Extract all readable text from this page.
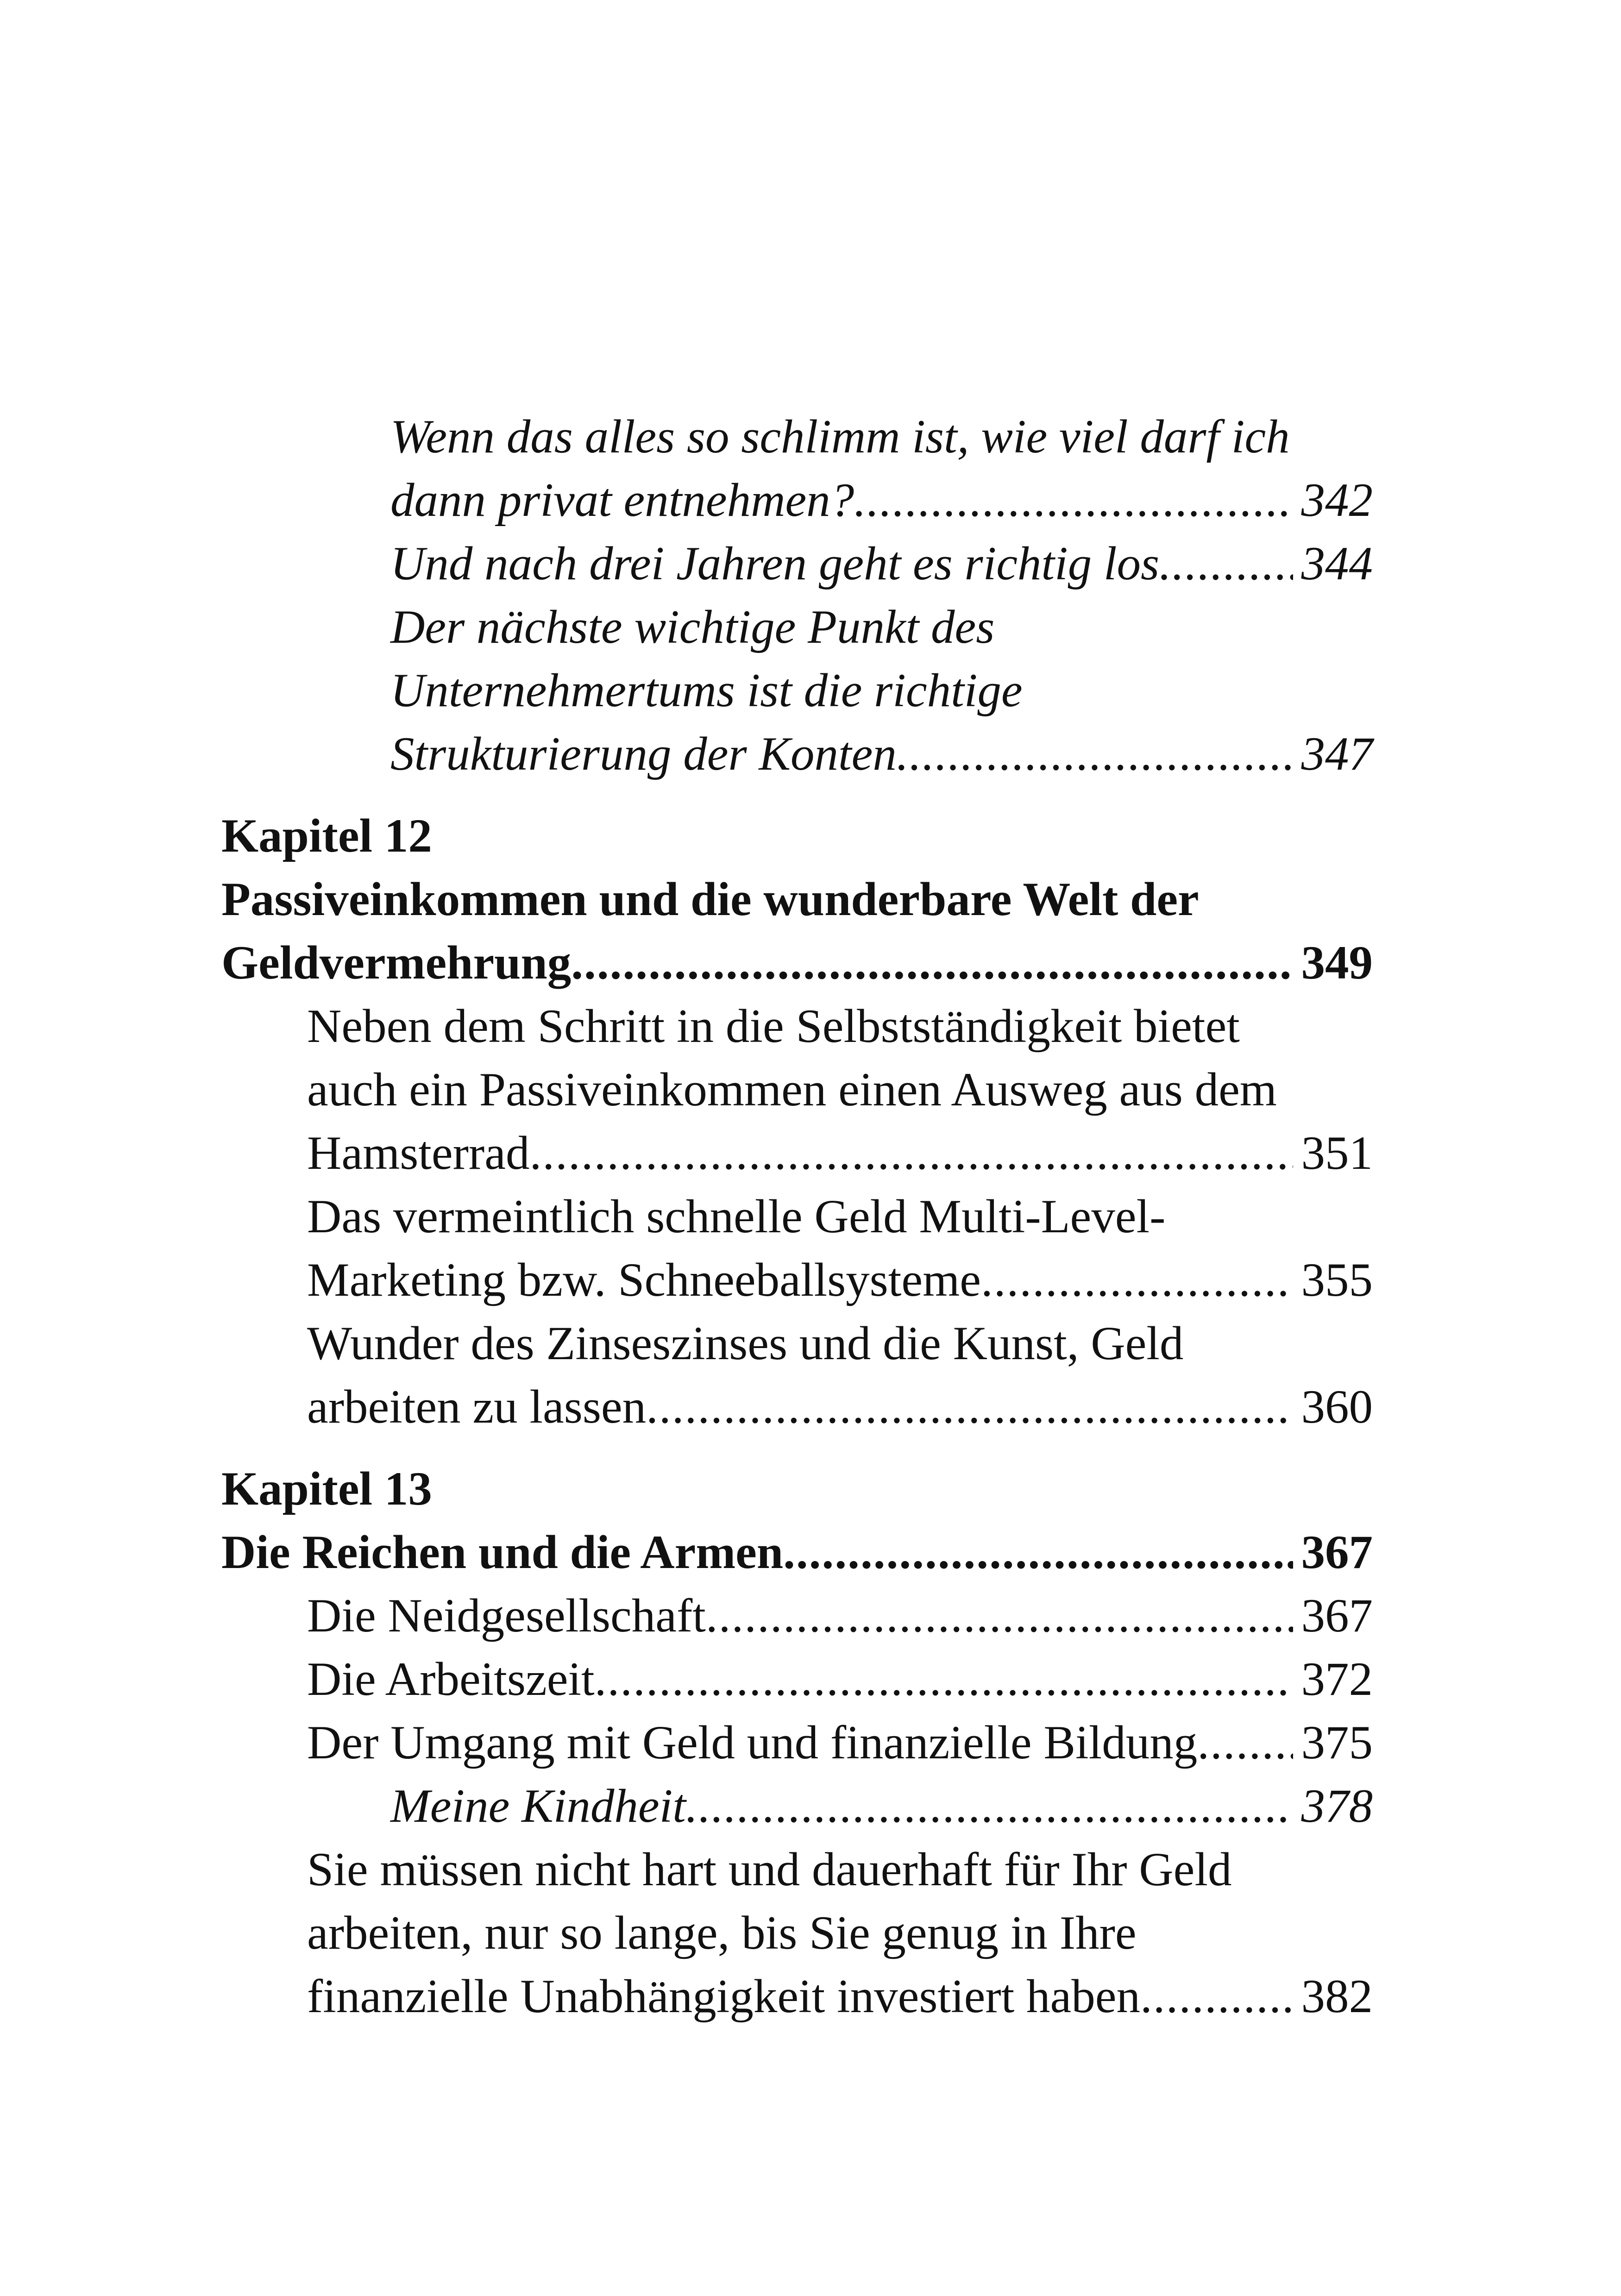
Wenn das alles so schlimm ist, wie viel darf ich
dann privat entnehmen? .....	342
Und nach drei Jahren geht es richtig los .....	344
Der nächste wichtige Punkt des
Unternehmertums ist die richtige
Strukturierung der Konten .....	347
Kapitel 12
Passiveinkommen und die wunderbare Welt der
Geldvermehrung .....	349
Neben dem Schritt in die Selbstständigkeit bietet
auch ein Passiveinkommen einen Ausweg aus dem
Hamsterrad .....	351
Das vermeintlich schnelle Geld Multi-Level-
Marketing bzw. Schneeballsysteme .....	355
Wunder des Zinseszinses und die Kunst, Geld
arbeiten zu lassen .....	360
Kapitel 13
Die Reichen und die Armen .....	367
Die Neidgesellschaft .....	367
Die Arbeitszeit .....	372
Der Umgang mit Geld und finanzielle Bildung ..... 375
Meine Kindheit .....	378
Sie müssen nicht hart und dauerhaft für Ihr Geld
arbeiten, nur so lange, bis Sie genug in Ihre
finanzielle Unabhängigkeit investiert haben .....	382
